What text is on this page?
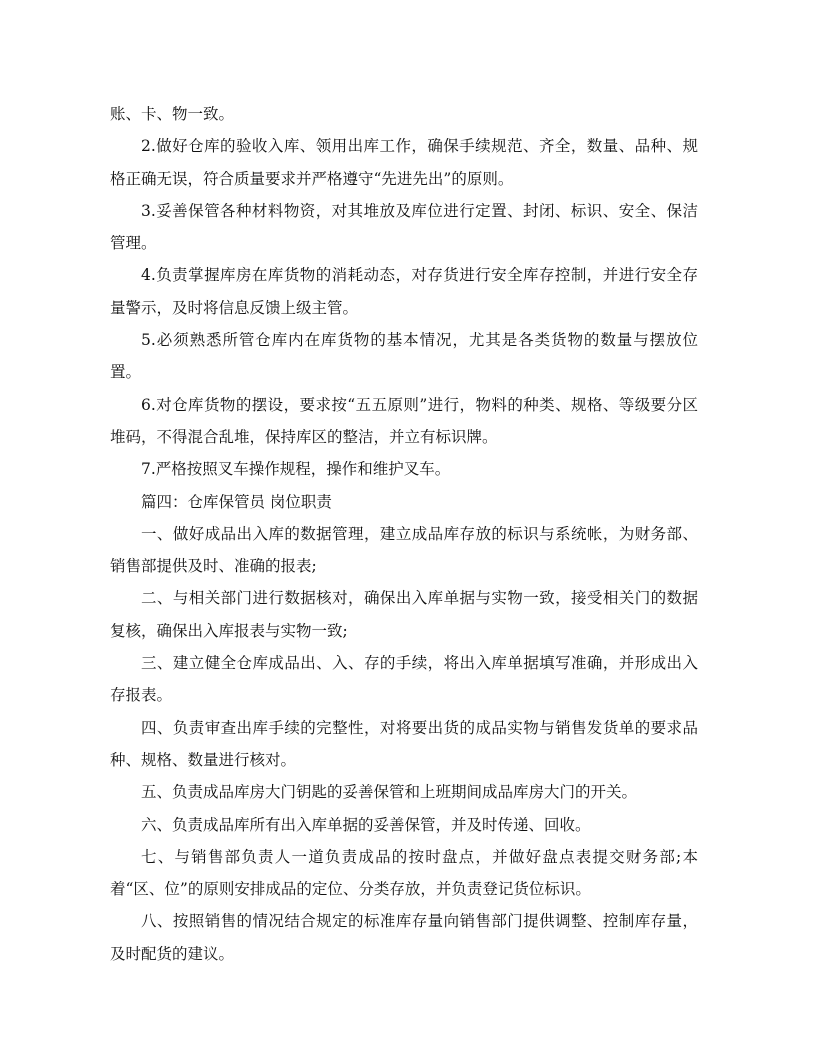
账、卡、物一致。

2.做好仓库的验收入库、领用出库工作，确保手续规范、齐全，数量、品种、规格正确无误，符合质量要求并严格遵守“先进先出”的原则。

3.妥善保管各种材料物资，对其堆放及库位进行定置、封闭、标识、安全、保洁管理。

4.负责掌握库房在库货物的消耗动态，对存货进行安全库存控制，并进行安全存量警示，及时将信息反馈上级主管。

5.必须熟悉所管仓库内在库货物的基本情况，尤其是各类货物的数量与摆放位置。

6.对仓库货物的摆设，要求按“五五原则”进行，物料的种类、规格、等级要分区堆码，不得混合乱堆，保持库区的整洁，并立有标识牌。

7.严格按照叉车操作规程，操作和维护叉车。

篇四：仓库保管员 岗位职责

一、做好成品出入库的数据管理，建立成品库存放的标识与系统帐，为财务部、销售部提供及时、准确的报表;

二、与相关部门进行数据核对，确保出入库单据与实物一致，接受相关门的数据复核，确保出入库报表与实物一致;

三、建立健全仓库成品出、入、存的手续，将出入库单据填写准确，并形成出入存报表。

四、负责审查出库手续的完整性，对将要出货的成品实物与销售发货单的要求品种、规格、数量进行核对。

五、负责成品库房大门钥匙的妥善保管和上班期间成品库房大门的开关。

六、负责成品库所有出入库单据的妥善保管，并及时传递、回收。

七、与销售部负责人一道负责成品的按时盘点，并做好盘点表提交财务部;本着“区、位”的原则安排成品的定位、分类存放，并负责登记货位标识。

八、按照销售的情况结合规定的标准库存量向销售部门提供调整、控制库存量，及时配货的建议。
